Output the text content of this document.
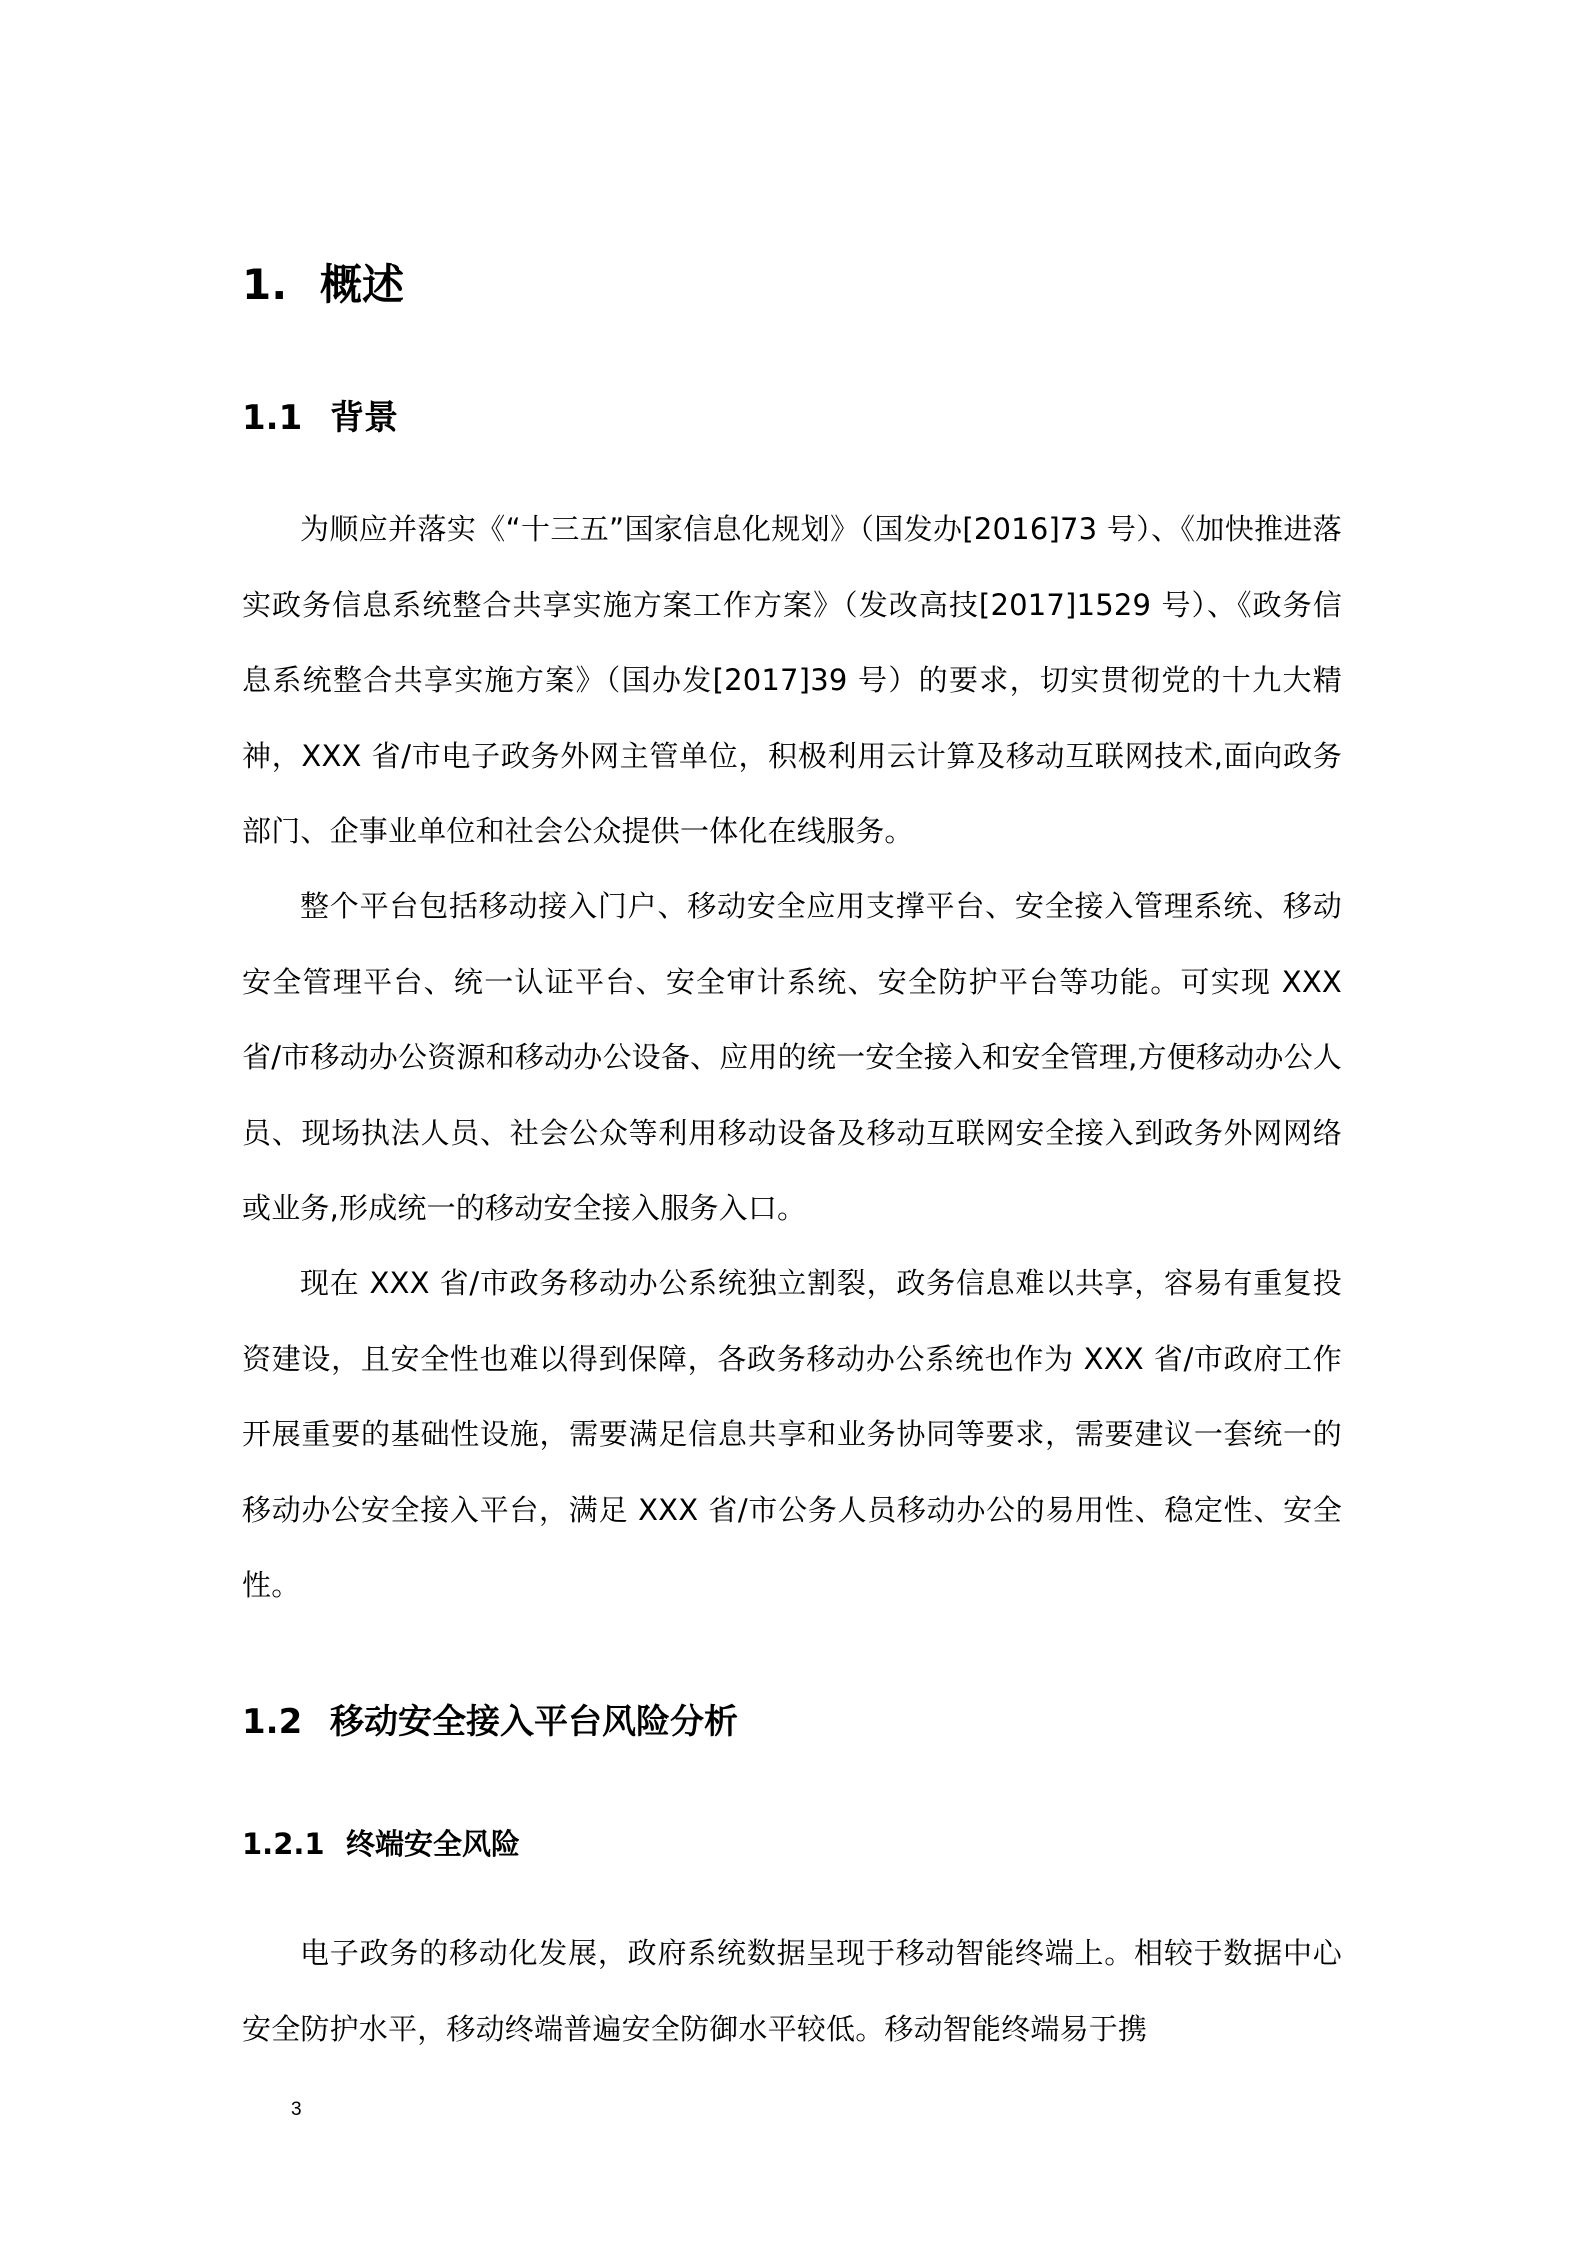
1. 概述
1.1 背景

为顺应并落实《“十三五”国家信息化规划》（国发办[2016]73 号）、《加快推进落实政务信息系统整合共享实施方案工作方案》（发改高技[2017]1529 号）、《政务信息系统整合共享实施方案》（国办发[2017]39 号）的要求，切实贯彻党的十九大精神，XXX 省/市电子政务外网主管单位，积极利用云计算及移动互联网技术,面向政务部门、企事业单位和社会公众提供一体化在线服务。

整个平台包括移动接入门户、移动安全应用支撑平台、安全接入管理系统、移动安全管理平台、统一认证平台、安全审计系统、安全防护平台等功能。可实现 XXX 省/市移动办公资源和移动办公设备、应用的统一安全接入和安全管理,方便移动办公人员、现场执法人员、社会公众等利用移动设备及移动互联网安全接入到政务外网网络或业务,形成统一的移动安全接入服务入口。

现在 XXX 省/市政务移动办公系统独立割裂，政务信息难以共享，容易有重复投资建设，且安全性也难以得到保障，各政务移动办公系统也作为 XXX 省/市政府工作开展重要的基础性设施，需要满足信息共享和业务协同等要求，需要建议一套统一的移动办公安全接入平台，满足 XXX 省/市公务人员移动办公的易用性、稳定性、安全性。

1.2 移动安全接入平台风险分析
1.2.1 终端安全风险

电子政务的移动化发展，政府系统数据呈现于移动智能终端上。相较于数据中心安全防护水平，移动终端普遍安全防御水平较低。移动智能终端易于携

3
